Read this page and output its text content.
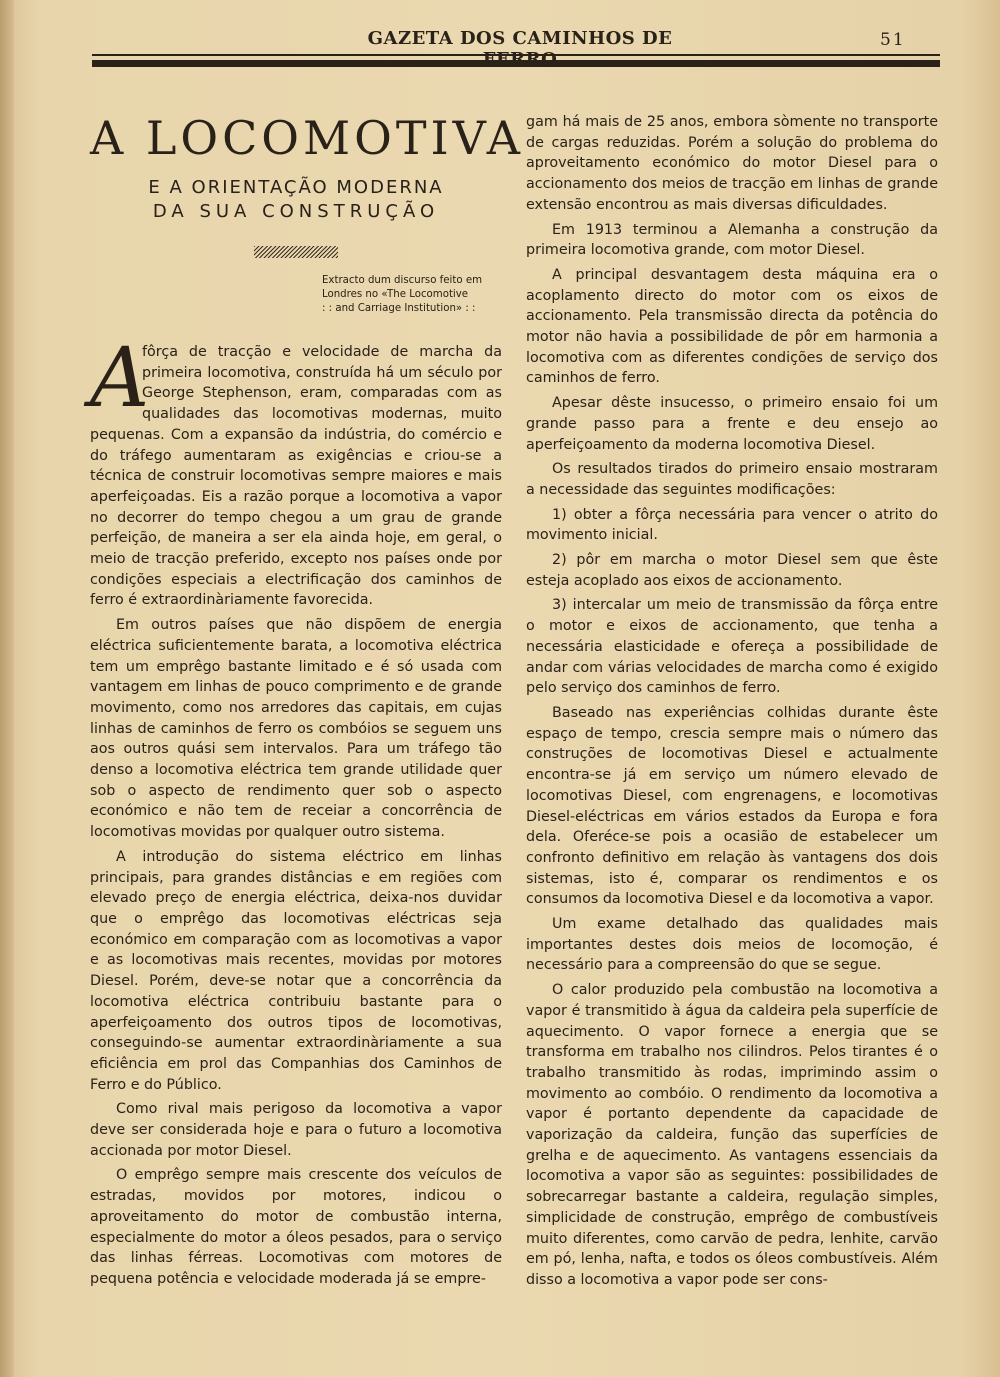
GAZETA DOS CAMINHOS DE	51
A LOCOMOTIVA
E A ORIENTAÇÃO MODERNA
DA SUA CONSTRUÇÃO
Extracto dum discurso feito em
Londres no «The Locomotive
: : and Carriage Institution» : :

A
fôrça de tracção e velocidade de marcha da primeira locomotiva, construída há um século por George Stephenson, eram, comparadas com as qualidades das locomotivas modernas, muito pequenas. Com a expansão da indústria, do comércio e do tráfego aumentaram as exigências e criou-se a técnica de construir locomotivas sempre maiores e mais aperfeiçoadas. Eis a razão porque a locomotiva a vapor no decorrer do tempo chegou a um grau de grande perfeição, de maneira a ser ela ainda hoje, em geral, o meio de tracção preferido, excepto nos países onde por condições especiais a electrificação dos caminhos de ferro é extraordinàriamente favorecida.

Em outros países que não dispõem de energia eléctrica suficientemente barata, a locomotiva eléctrica tem um emprêgo bastante limitado e é só usada com vantagem em linhas de pouco comprimento e de grande movimento, como nos arredores das capitais, em cujas linhas de caminhos de ferro os combóios se seguem uns aos outros quási sem intervalos. Para um tráfego tão denso a locomotiva eléctrica tem grande utilidade quer sob o aspecto de rendimento quer sob o aspecto económico e não tem de receiar a concorrência de locomotivas movidas por qualquer outro sistema.

A introdução do sistema eléctrico em linhas principais, para grandes distâncias e em regiões com elevado preço de energia eléctrica, deixa-nos duvidar que o emprêgo das locomotivas eléctricas seja económico em comparação com as locomotivas a vapor e as locomotivas mais recentes, movidas por motores Diesel. Porém, deve-se notar que a concorrência da locomotiva eléctrica contribuiu bastante para o aperfeiçoamento dos outros tipos de locomotivas, conseguindo-se aumentar extraordinàriamente a sua eficiência em prol das Companhias dos Caminhos de Ferro e do Público.

Como rival mais perigoso da locomotiva a vapor deve ser considerada hoje e para o futuro a locomotiva accionada por motor Diesel.

O emprêgo sempre mais crescente dos veículos de estradas, movidos por motores, indicou o aproveitamento do motor de combustão interna, especialmente do motor a óleos pesados, para o serviço das linhas férreas. Locomotivas com motores de pequena potência e velocidade moderada já se empre-

gam há mais de 25 anos, embora sòmente no transporte de cargas reduzidas. Porém a solução do problema do aproveitamento económico do motor Diesel para o accionamento dos meios de tracção em linhas de grande extensão encontrou as mais diversas dificuldades.

Em 1913 terminou a Alemanha a construção da primeira locomotiva grande, com motor Diesel.

A principal desvantagem desta máquina era o acoplamento directo do motor com os eixos de accionamento. Pela transmissão directa da potência do motor não havia a possibilidade de pôr em harmonia a locomotiva com as diferentes condições de serviço dos caminhos de ferro.

Apesar dêste insucesso, o primeiro ensaio foi um grande passo para a frente e deu ensejo ao aperfeiçoamento da moderna locomotiva Diesel.

Os resultados tirados do primeiro ensaio mostraram a necessidade das seguintes modificações:

1) obter a fôrça necessária para vencer o atrito do movimento inicial.

2) pôr em marcha o motor Diesel sem que êste esteja acoplado aos eixos de accionamento.

3) intercalar um meio de transmissão da fôrça entre o motor e eixos de accionamento, que tenha a necessária elasticidade e ofereça a possibilidade de andar com várias velocidades de marcha como é exigido pelo serviço dos caminhos de ferro.

Baseado nas experiências colhidas durante êste espaço de tempo, crescia sempre mais o número das construções de locomotivas Diesel e actualmente encontra-se já em serviço um número elevado de locomotivas Diesel, com engrenagens, e locomotivas Diesel-eléctricas em vários estados da Europa e fora dela. Oferéce-se pois a ocasião de estabelecer um confronto definitivo em relação às vantagens dos dois sistemas, isto é, comparar os rendimentos e os consumos da locomotiva Diesel e da locomotiva a vapor.

Um exame detalhado das qualidades mais importantes destes dois meios de locomoção, é necessário para a compreensão do que se segue.

O calor produzido pela combustão na locomotiva a vapor é transmitido à água da caldeira pela superfície de aquecimento. O vapor fornece a energia que se transforma em trabalho nos cilindros. Pelos tirantes é o trabalho transmitido às rodas, imprimindo assim o movimento ao combóio. O rendimento da locomotiva a vapor é portanto dependente da capacidade de vaporização da caldeira, função das superfícies de grelha e de aquecimento. As vantagens essenciais da locomotiva a vapor são as seguintes: possibilidades de sobrecarregar bastante a caldeira, regulação simples, simplicidade de construção, emprêgo de combustíveis muito diferentes, como carvão de pedra, lenhite, carvão em pó, lenha, nafta, e todos os óleos combustíveis. Além disso a locomotiva a vapor pode ser cons-
